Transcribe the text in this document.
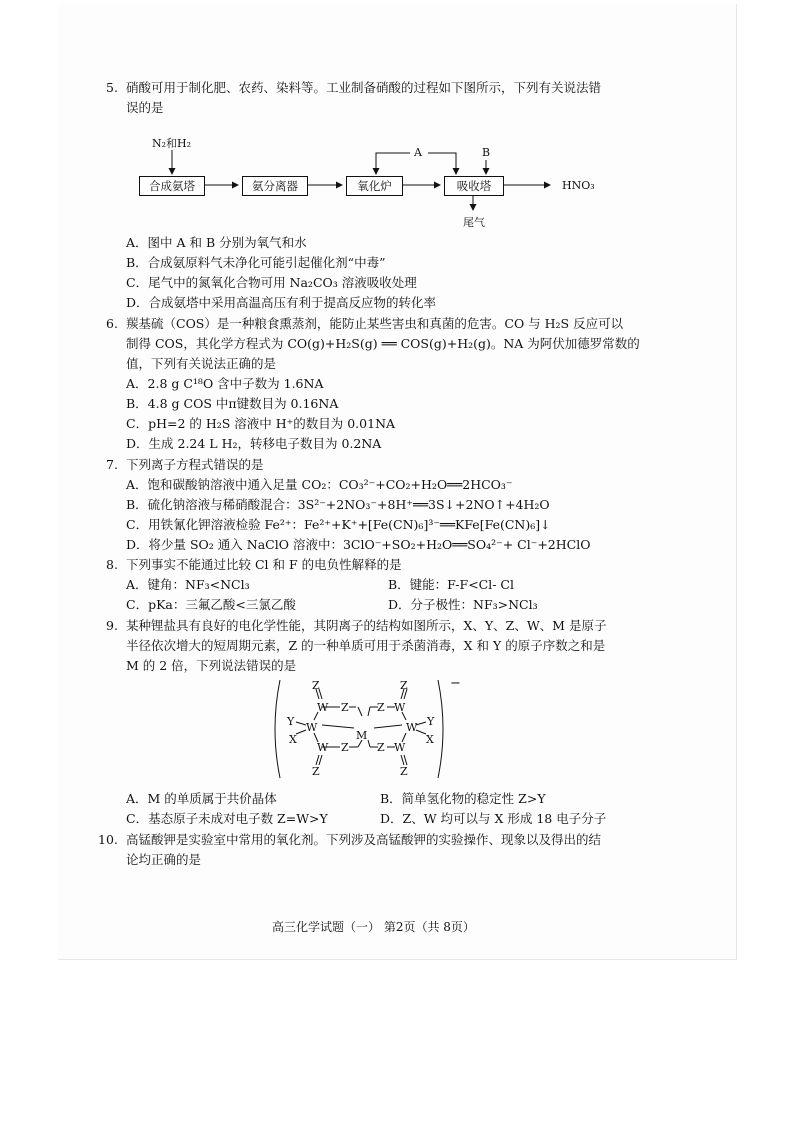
5. 硝酸可用于制化肥、农药、染料等。工业制备硝酸的过程如下图所示，下列有关说法错
误的是
N₂和H₂
合成氨塔	氨分离器	氧化炉	吸收塔
A	B
HNO₃
尾气
A．图中 A 和 B 分别为氧气和水
B．合成氨原料气未净化可能引起催化剂“中毒”
C．尾气中的氮氧化合物可用 Na₂CO₃ 溶液吸收处理
D．合成氨塔中采用高温高压有利于提高反应物的转化率
6. 羰基硫（COS）是一种粮食熏蒸剂，能防止某些害虫和真菌的危害。CO 与 H₂S 反应可以
制得 COS，其化学方程式为 CO(g)+H₂S(g) ══ COS(g)+H₂(g)。NA 为阿伏加德罗常数的
值，下列有关说法正确的是
A．2.8 g C¹⁸O 含中子数为 1.6NA
B．4.8 g COS 中π键数目为 0.16NA
C．pH=2 的 H₂S 溶液中 H⁺的数目为 0.01NA
D．生成 2.24 L H₂，转移电子数目为 0.2NA
7. 下列离子方程式错误的是
A．饱和碳酸钠溶液中通入足量 CO₂：CO₃²⁻+CO₂+H₂O══2HCO₃⁻
B．硫化钠溶液与稀硝酸混合：3S²⁻+2NO₃⁻+8H⁺══3S↓+2NO↑+4H₂O
C．用铁氰化钾溶液检验 Fe²⁺：Fe²⁺+K⁺+[Fe(CN)₆]³⁻══KFe[Fe(CN)₆]↓
D．将少量 SO₂ 通入 NaClO 溶液中：3ClO⁻+SO₂+H₂O══SO₄²⁻+ Cl⁻+2HClO
8. 下列事实不能通过比较 Cl 和 F 的电负性解释的是
A．键角：NF₃<NCl₃	B．键能：F-F<Cl- Cl
C．pKa：三氟乙酸<三氯乙酸	D．分子极性：NF₃>NCl₃
9. 某种锂盐具有良好的电化学性能，其阴离子的结构如图所示，X、Y、Z、W、M 是原子
半径依次增大的短周期元素，Z 的一种单质可用于杀菌消毒，X 和 Y 的原子序数之和是
M 的 2 倍，下列说法错误的是
Z	Z
Z	Z
W Z	Z W
W	W
M
Y
X
Y
X
W Z	Z W
−
A．M 的单质属于共价晶体	B．简单氢化物的稳定性 Z>Y
C．基态原子未成对电子数 Z=W>Y	D．Z、W 均可以与 X 形成 18 电子分子
10. 高锰酸钾是实验室中常用的氧化剂。下列涉及高锰酸钾的实验操作、现象以及得出的结
论均正确的是
高三化学试题（一） 第2页（共 8页）
